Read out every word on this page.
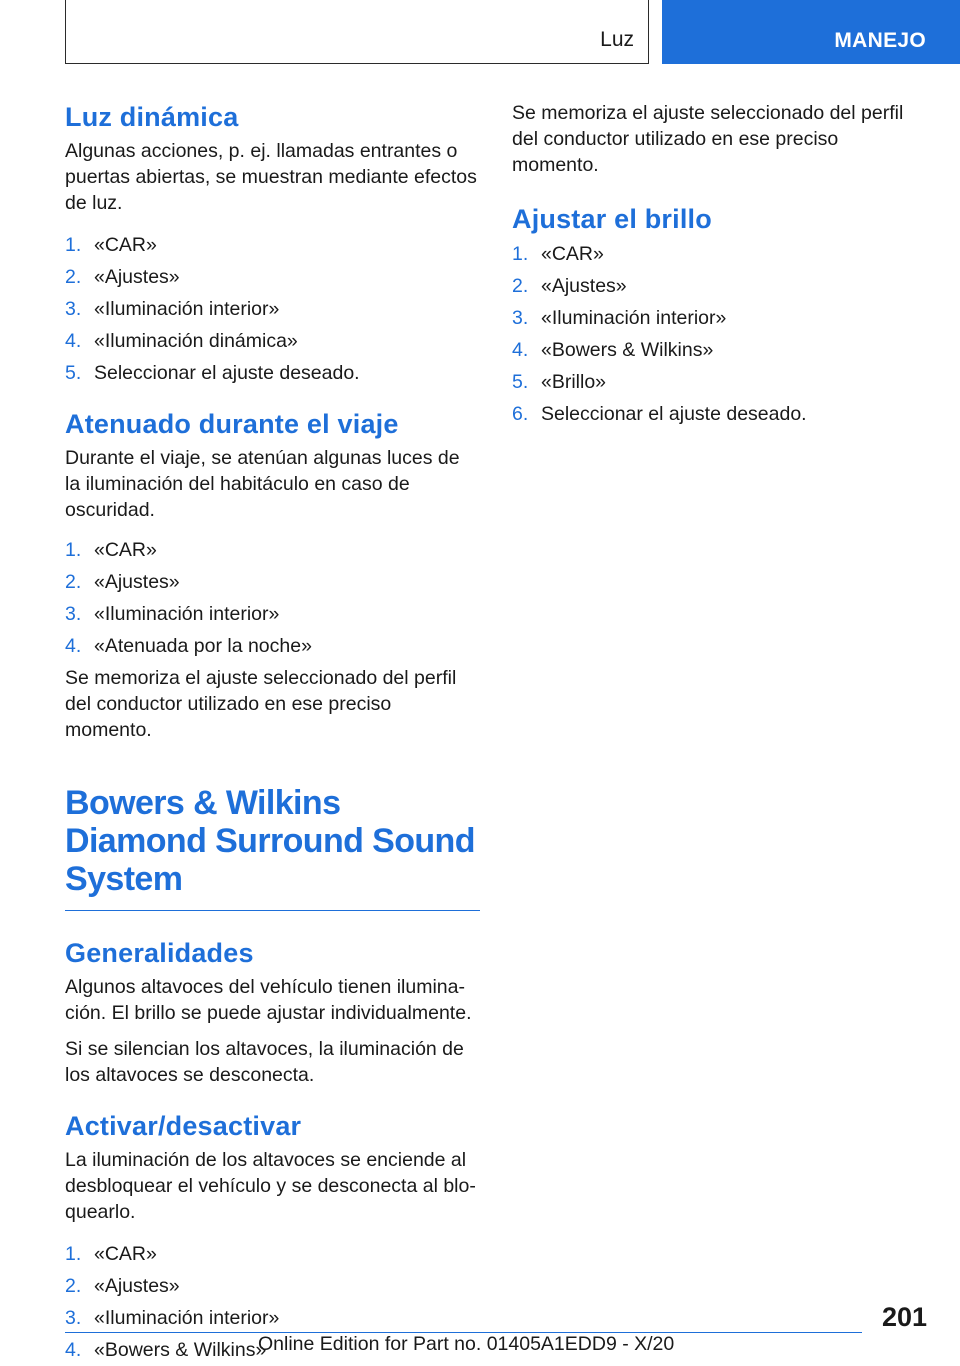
Luz	MANEJO
Luz dinámica

Algunas acciones, p. ej. llamadas entrantes o puertas abiertas, se muestran mediante efectos de luz.

1. «CAR»
2. «Ajustes»
3. «Iluminación interior»
4. «Iluminación dinámica»
5. Seleccionar el ajuste deseado.
Atenuado durante el viaje

Durante el viaje, se atenúan algunas luces de la iluminación del habitáculo en caso de oscuridad.

1. «CAR»
2. «Ajustes»
3. «Iluminación interior»
4. «Atenuada por la noche»

Se memoriza el ajuste seleccionado del perfil del conductor utilizado en ese preciso momento.

Bowers & Wilkins Diamond Surround Sound System
Generalidades

Algunos altavoces del vehículo tienen iluminación. El brillo se puede ajustar individualmente.

Si se silencian los altavoces, la iluminación de los altavoces se desconecta.

Activar/desactivar

La iluminación de los altavoces se enciende al desbloquear el vehículo y se desconecta al bloquearlo.

1. «CAR»
2. «Ajustes»
3. «Iluminación interior»
4. «Bowers & Wilkins»

Se memoriza el ajuste seleccionado del perfil del conductor utilizado en ese preciso momento.

Ajustar el brillo
1. «CAR»
2. «Ajustes»
3. «Iluminación interior»
4. «Bowers & Wilkins»
5. «Brillo»
6. Seleccionar el ajuste deseado.
201
Online Edition for Part no. 01405A1EDD9 - X/20
